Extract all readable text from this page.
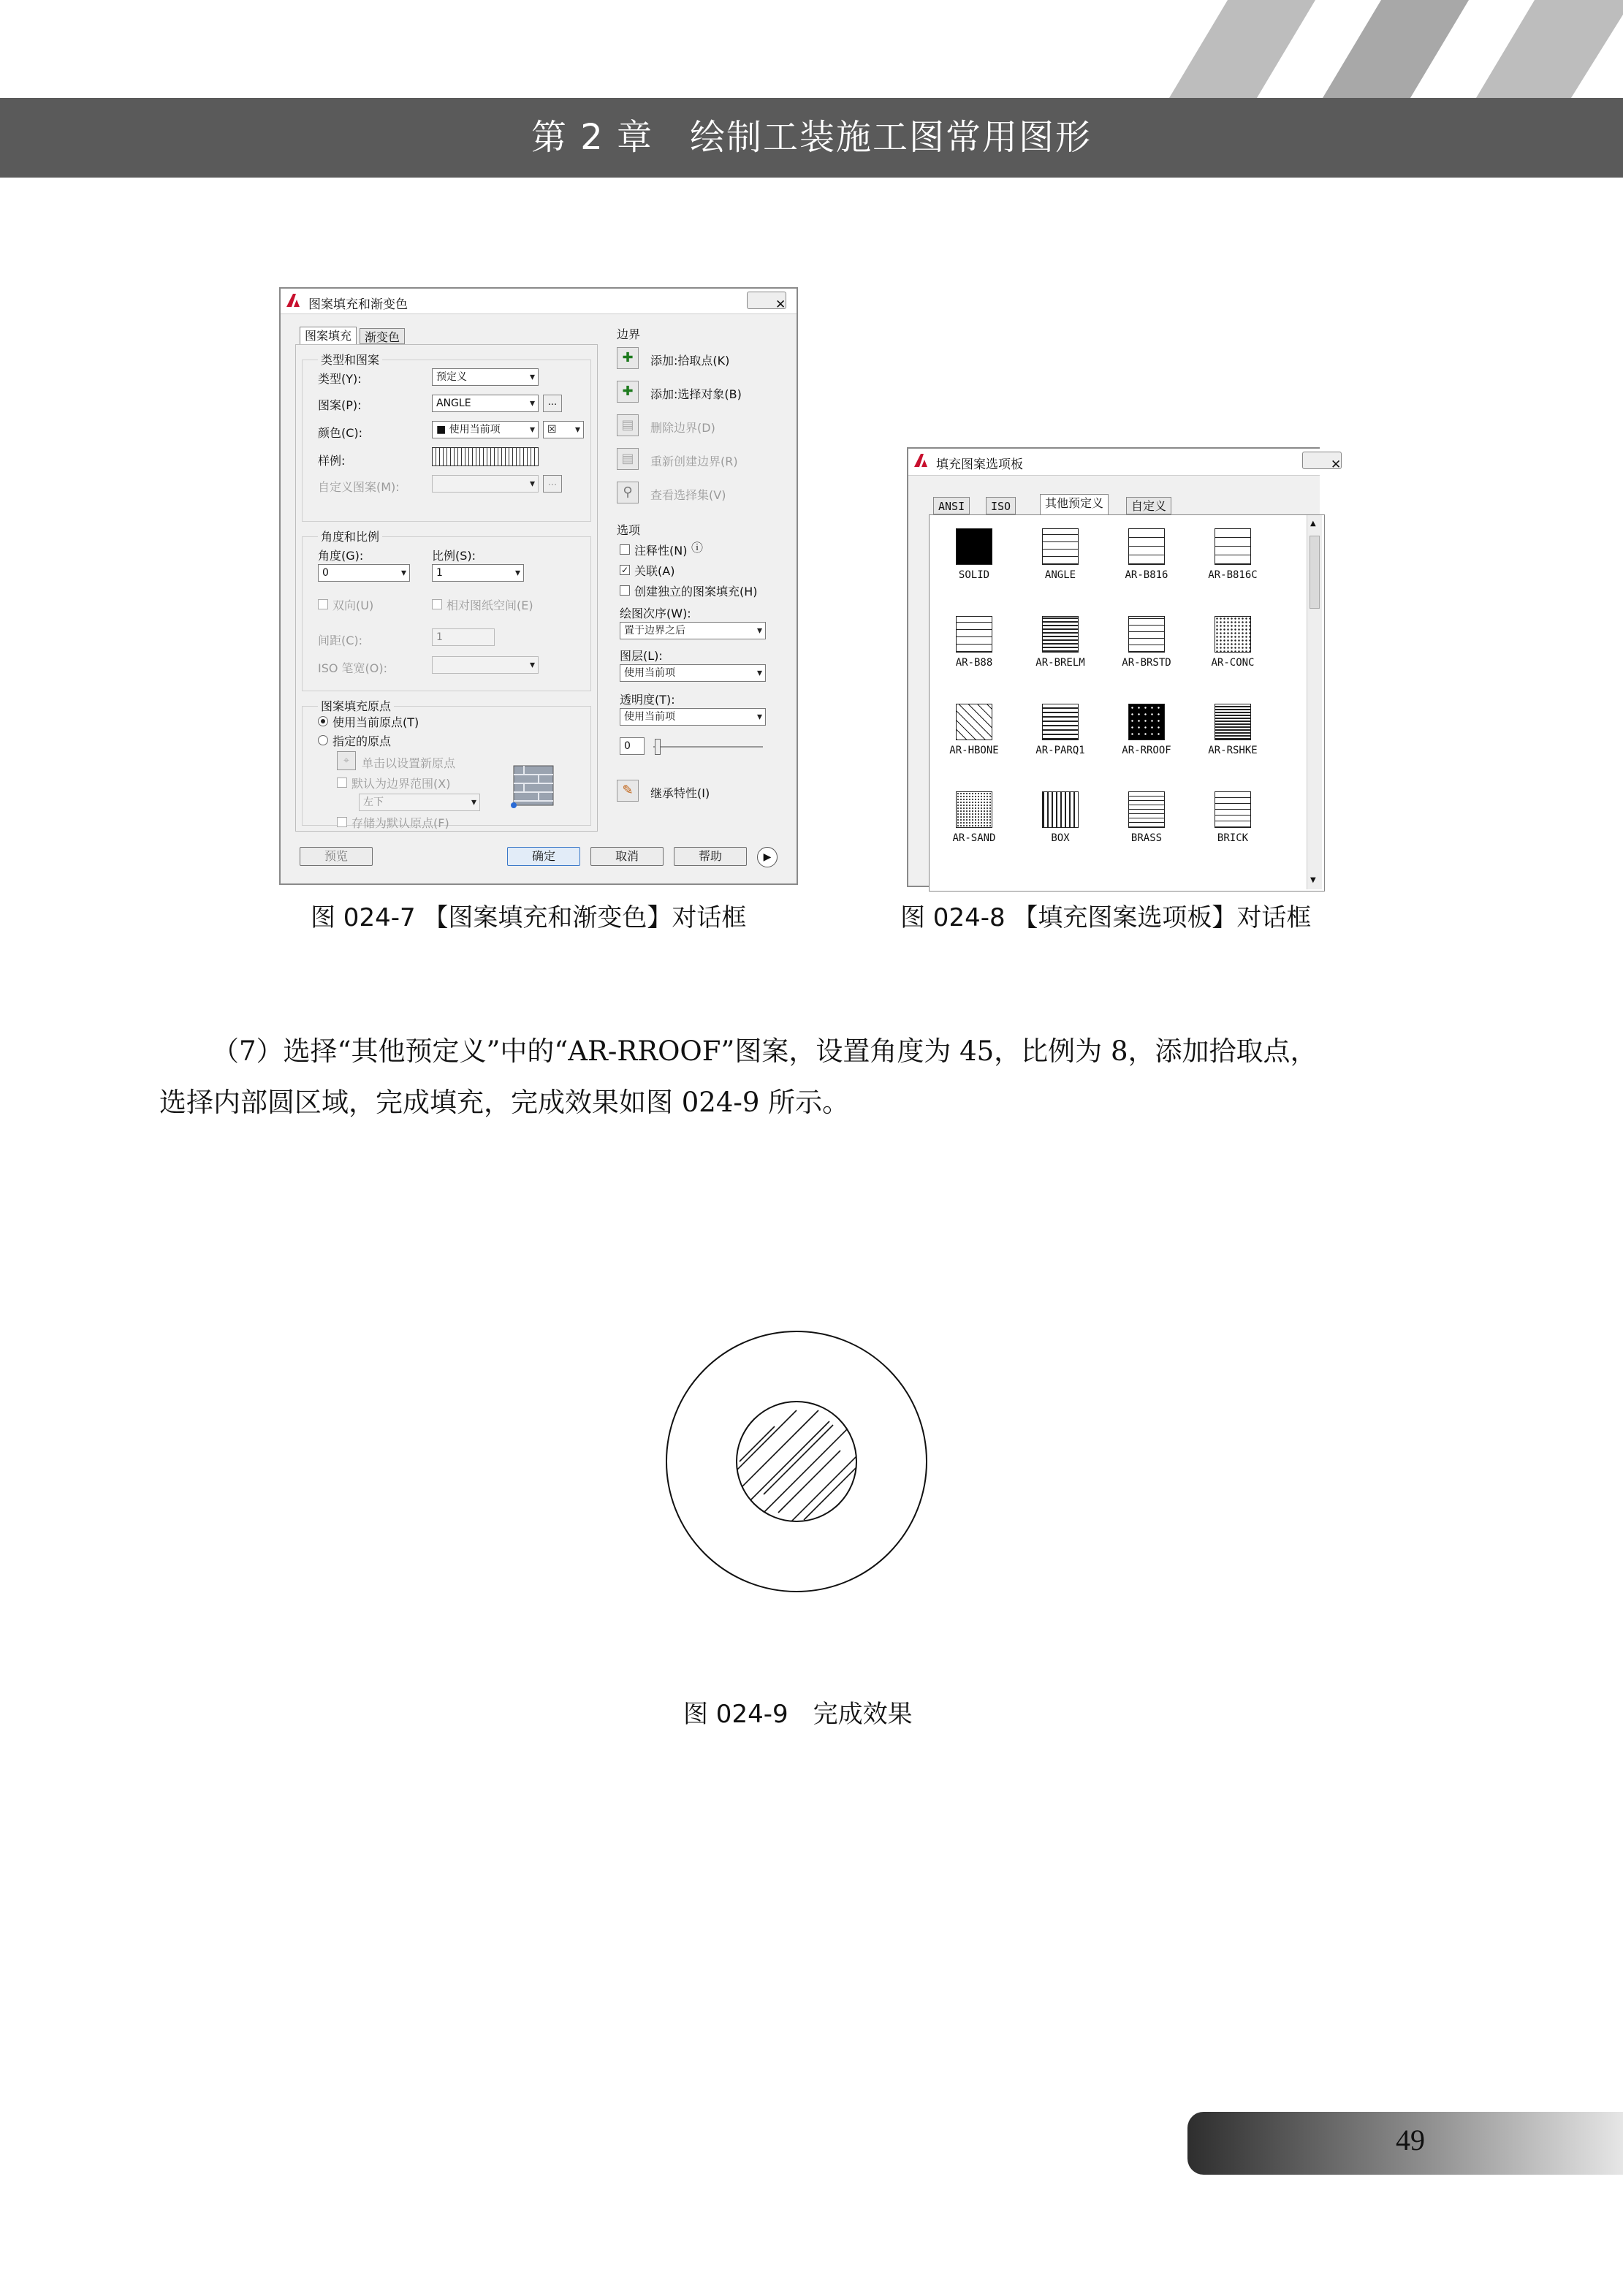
第 2 章　绘制工装施工图常用图形
图案填充和渐变色	✕
图案填充	渐变色
类型和图案
类型(Y):	预定义 ▾
图案(P):	ANGLE ▾	...
颜色(C):	■ 使用当前项 ▾	☒ ▾
样例:
自定义图案(M):
▾	...
角度和比例
角度(G):
0 ▾
比例(S):
1 ▾
双向(U)	相对图纸空间(E)
间距(C):	1
ISO 笔宽(O):
▾
图案填充原点
使用当前原点(T)
指定的原点
⌖	单击以设置新原点
默认为边界范围(X)
左下 ▾
存储为默认原点(F)
边界
✚	添加:拾取点(K)
✚	添加:选择对象(B)
▤	删除边界(D)
▤	重新创建边界(R)
⚲	查看选择集(V)
选项
注释性(N) ⓘ
✓ 关联(A)
创建独立的图案填充(H)
绘图次序(W):
置于边界之后 ▾
图层(L):
使用当前项 ▾
透明度(T):
使用当前项 ▾
0
✎	继承特性(I)
预览	确定	取消	帮助	▶
图 024-7 【图案填充和渐变色】对话框
填充图案选项板	✕
ANSI	ISO	其他预定义	自定义
SOLID	ANGLE	AR-B816	AR-B816C
AR-B88	AR-BRELM	AR-BRSTD	AR-CONC
AR-HBONE	AR-PARQ1	AR-RROOF	AR-RSHKE
AR-SAND	BOX	BRASS	BRICK
▲
▼
图 024-8 【填充图案选项板】对话框
（7）选择“其他预定义”中的“AR-RROOF”图案，设置角度为 45，比例为 8，添加拾取点，
选择内部圆区域，完成填充，完成效果如图 024-9 所示。
图 024-9　完成效果
49
